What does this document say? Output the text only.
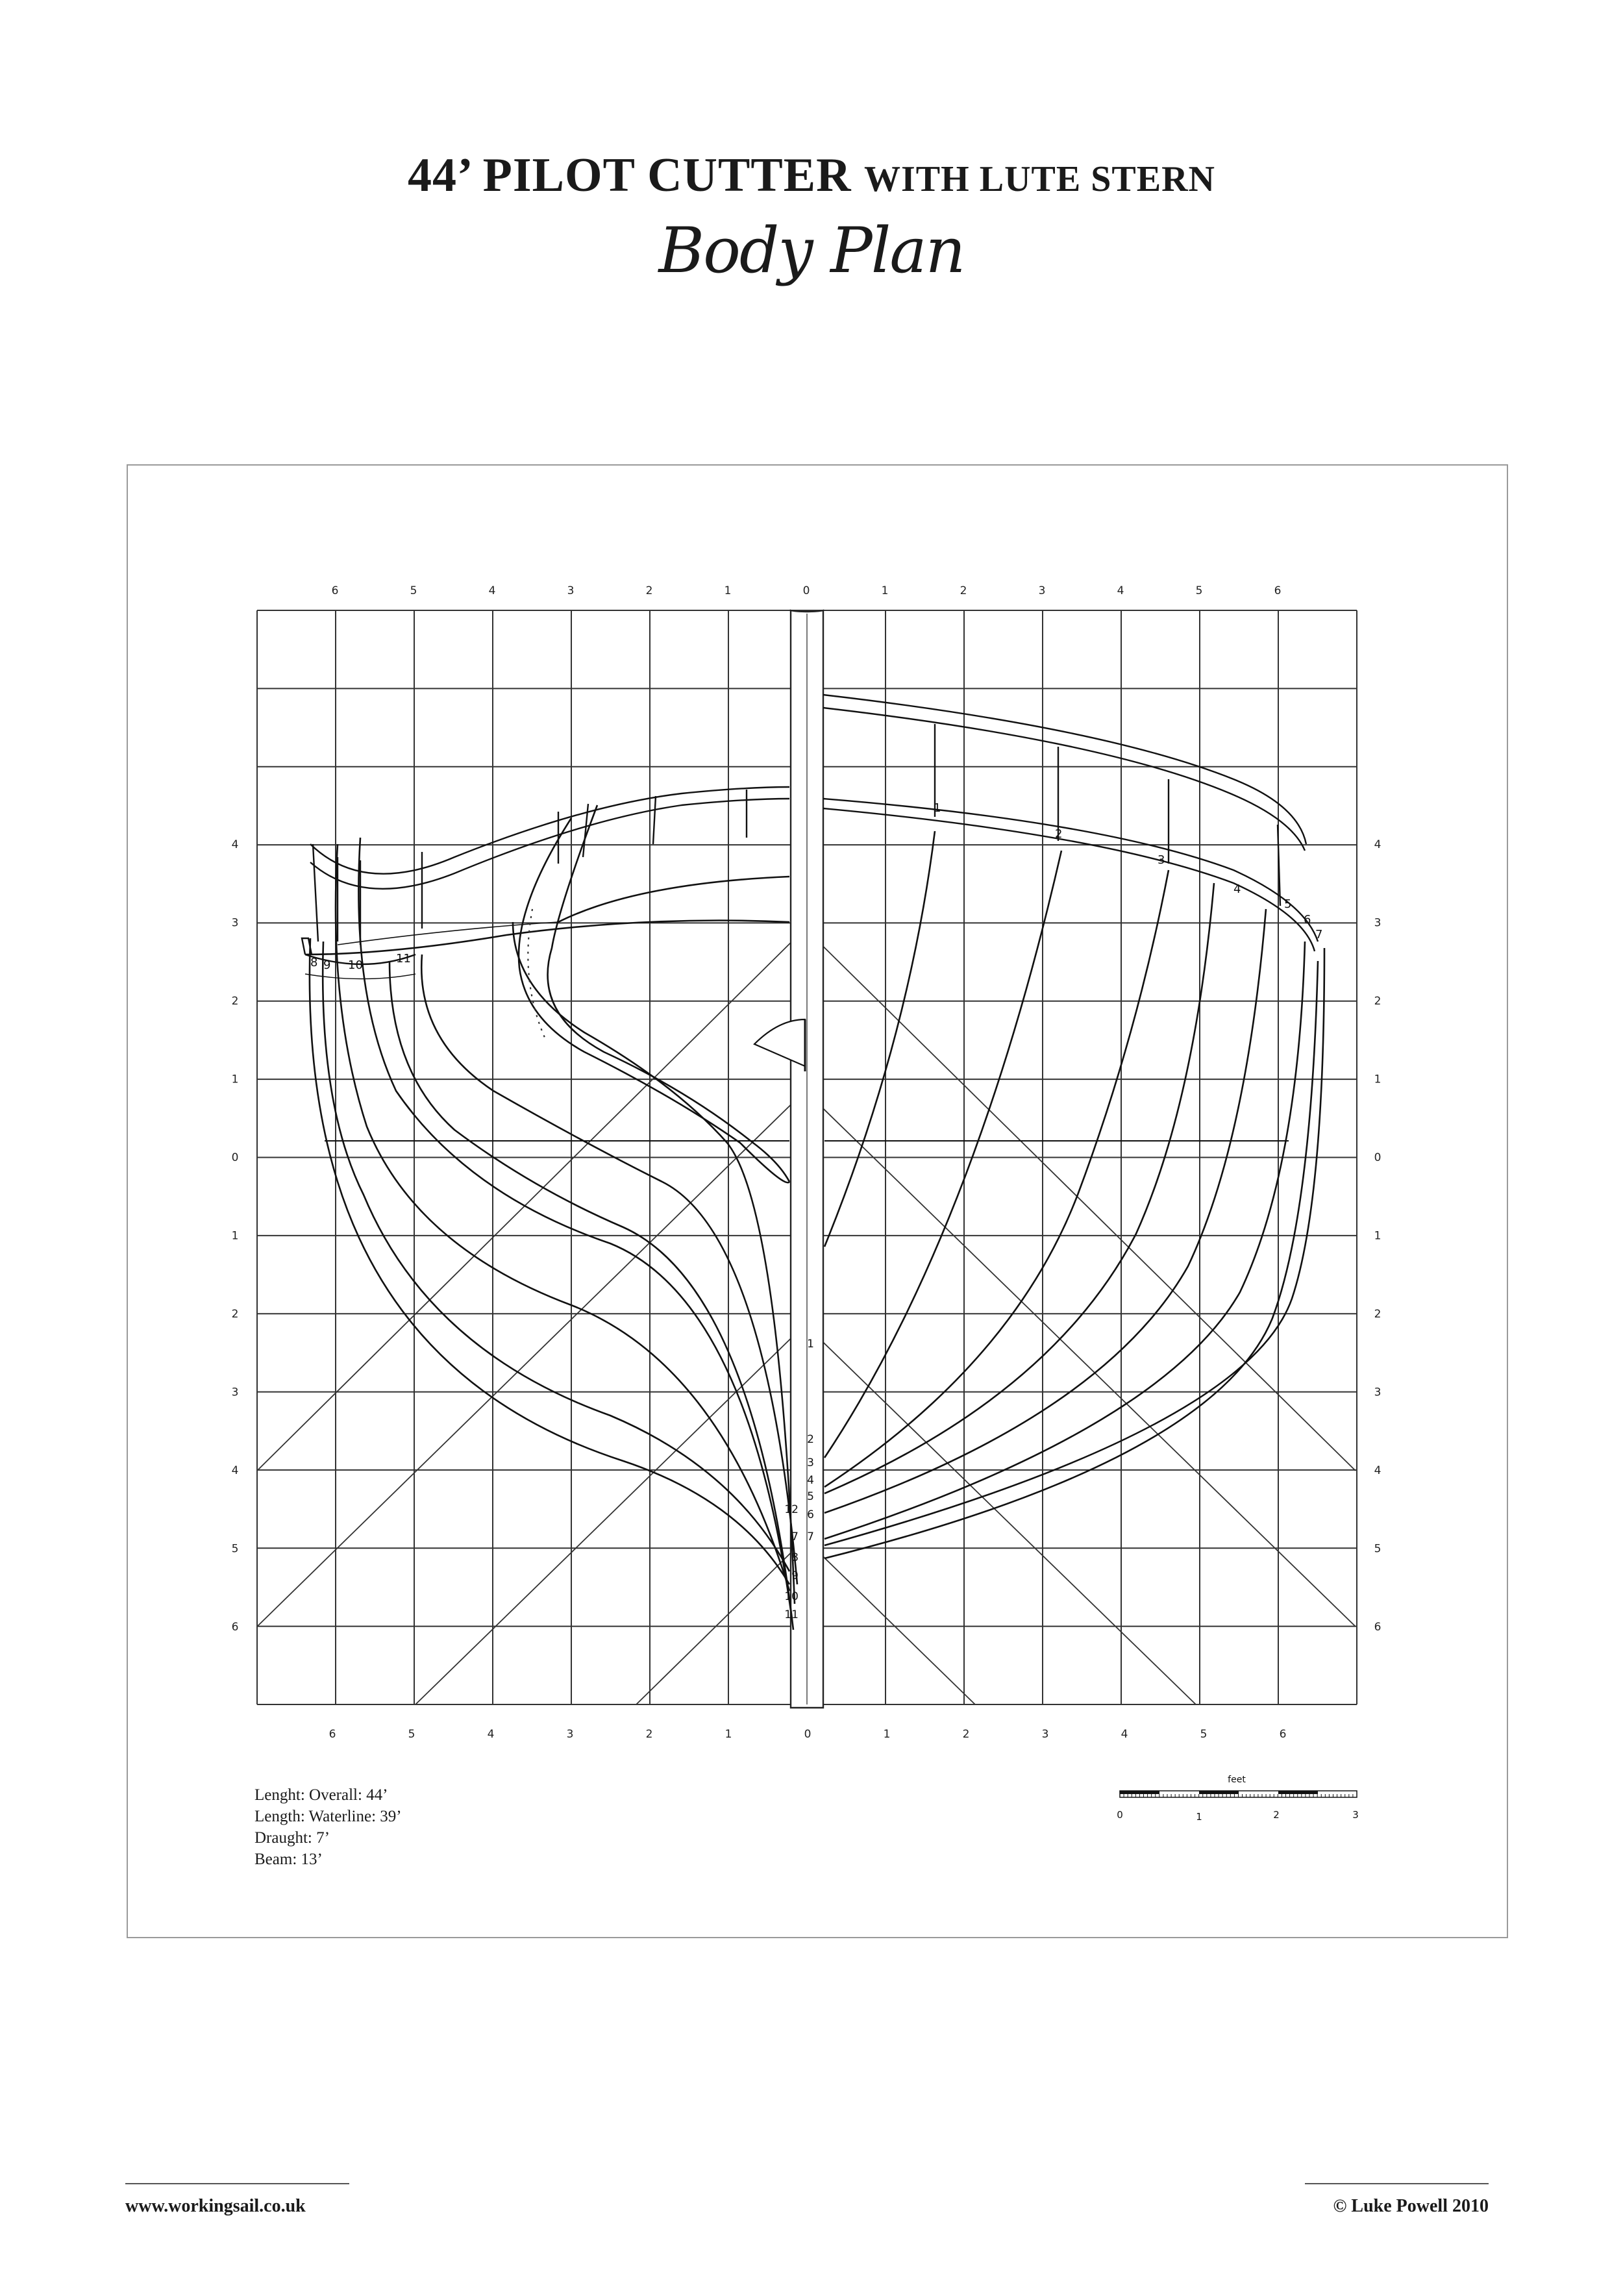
44’ PILOT CUTTER WITH LUTE STERN
Body Plan
1
2
3
4
5
6
7
8 9 10	11
1
2
3
4
5
6
12
7
7
8
9
10
11
6	5	4	3	2	1	0	1	2	3	4	5	6
6	5	4	3	2	1	0	1	2	3	4	5	6
4	4
3	3
2	2
1	1
0	0
1	1
2	2
3	3
4	4
5	5
6	6
feet
0	1	2	3
Lenght: Overall: 44’
Length: Waterline: 39’
Draught: 7’
Beam: 13’
www.workingsail.co.uk	© Luke Powell 2010
